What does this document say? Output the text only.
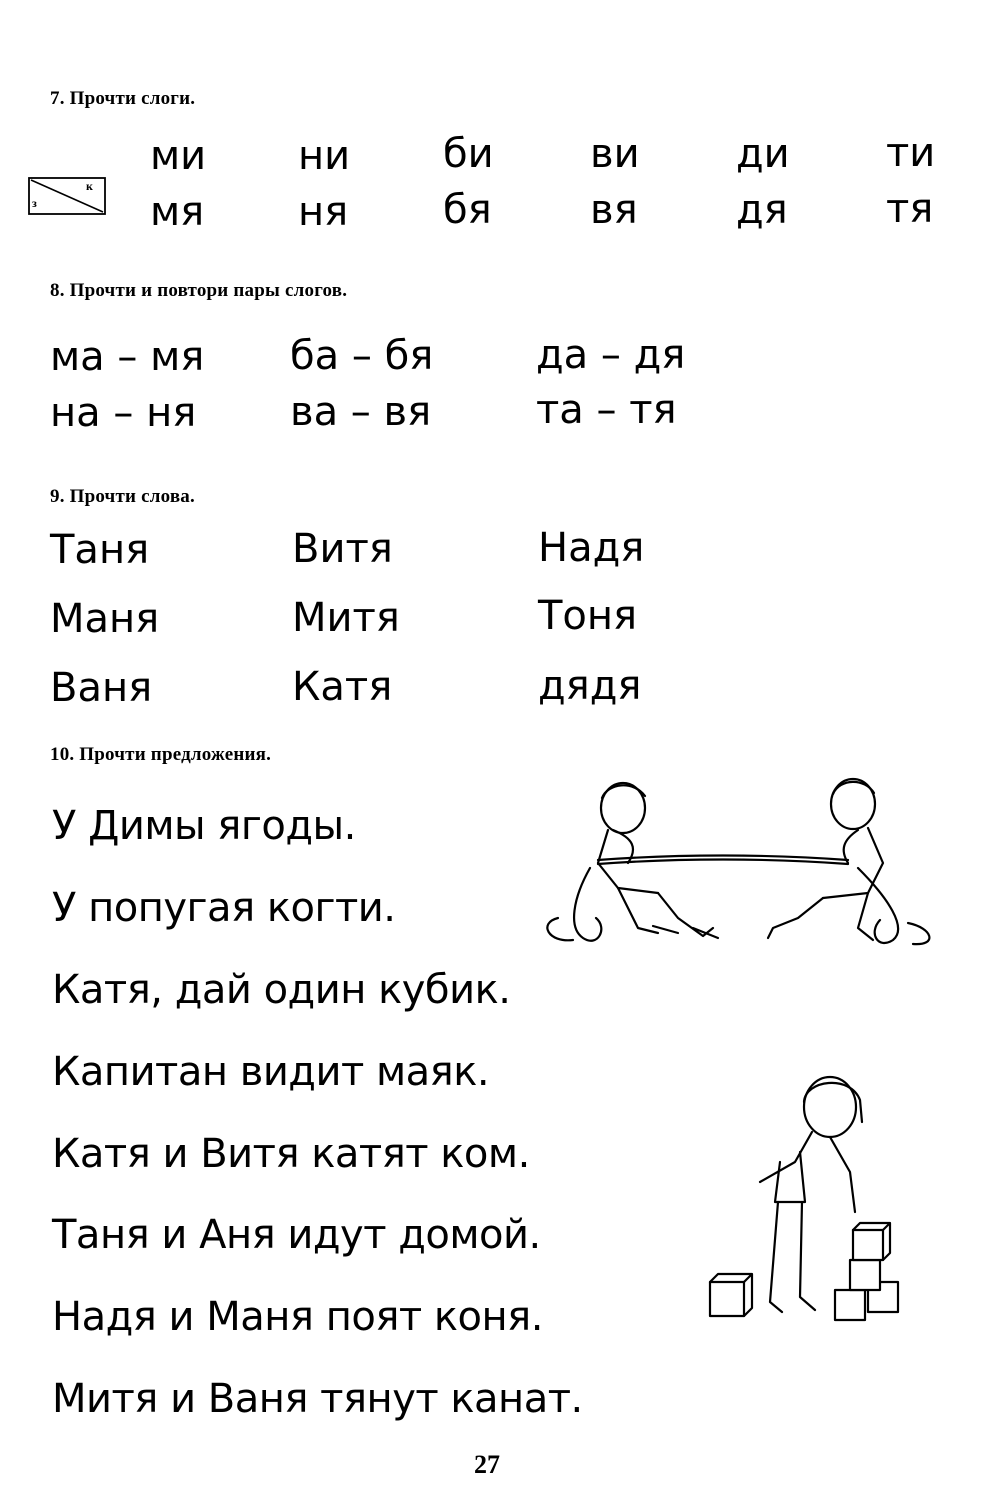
7. Прочти слоги.
з
к
ми ни би ви ди ти
мя ня бя вя дя тя
8. Прочти и повтори пары слогов.
ма – мя ба – бя	да – дя
на – ня ва – вя	та – тя
9. Прочти слова.
Таня	Витя	Надя
Маня	Митя	Тоня
Ваня	Катя	дядя
10. Прочти предложения.
У Димы ягоды.
У попугая когти.
Катя, дай один кубик.
Капитан видит маяк.
Катя и Витя катят ком.
Таня и Аня идут домой.
Надя и Маня поят коня.
Митя и Ваня тянут канат.
27
